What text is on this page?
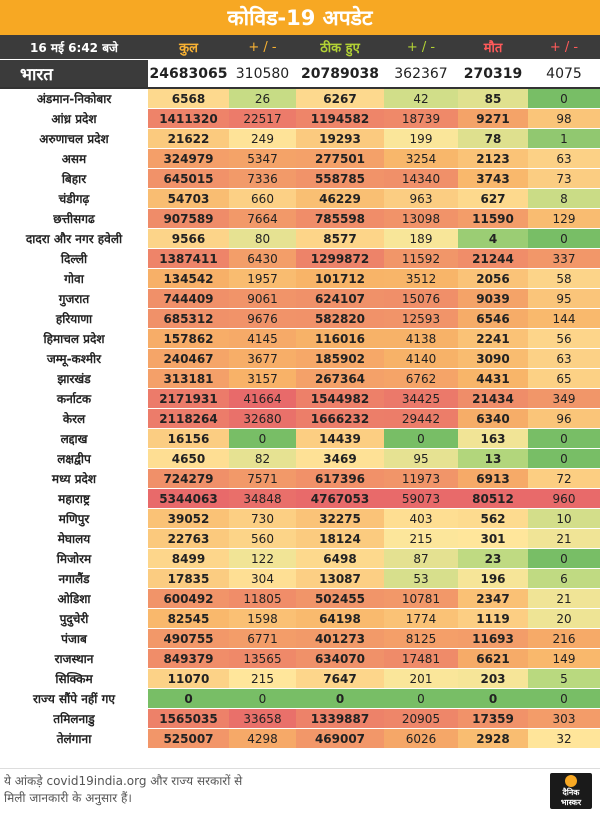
कोविड-19 अपडेट
16 मई 6:42 बजे	कुल	+ / -	ठीक हुए	+ / -	मौत	+ / -
भारत	24683065	310580	20789038	362367	270319	4075
अंडमान-निकोबार	6568	26	6267	42	85	0
आंध्र प्रदेश	1411320	22517	1194582	18739	9271	98
अरुणाचल प्रदेश	21622	249	19293	199	78	1
असम	324979	5347	277501	3254	2123	63
बिहार	645015	7336	558785	14340	3743	73
चंडीगढ़	54703	660	46229	963	627	8
छत्तीसगढ	907589	7664	785598	13098	11590	129
दादरा और नगर हवेली	9566	80	8577	189	4	0
दिल्ली	1387411	6430	1299872	11592	21244	337
गोवा	134542	1957	101712	3512	2056	58
गुजरात	744409	9061	624107	15076	9039	95
हरियाणा	685312	9676	582820	12593	6546	144
हिमाचल प्रदेश	157862	4145	116016	4138	2241	56
जम्मू-कश्मीर	240467	3677	185902	4140	3090	63
झारखंड	313181	3157	267364	6762	4431	65
कर्नाटक	2171931	41664	1544982	34425	21434	349
केरल	2118264	32680	1666232	29442	6340	96
लद्दाख	16156	0	14439	0	163	0
लक्षद्वीप	4650	82	3469	95	13	0
मध्य प्रदेश	724279	7571	617396	11973	6913	72
महाराष्ट्र	5344063	34848	4767053	59073	80512	960
मणिपुर	39052	730	32275	403	562	10
मेघालय	22763	560	18124	215	301	21
मिजोरम	8499	122	6498	87	23	0
नगालैंड	17835	304	13087	53	196	6
ओडिशा	600492	11805	502455	10781	2347	21
पुदुचेरी	82545	1598	64198	1774	1119	20
पंजाब	490755	6771	401273	8125	11693	216
राजस्थान	849379	13565	634070	17481	6621	149
सिक्किम	11070	215	7647	201	203	5
राज्य सौंपे नहीं गए	0	0	0	0	0	0
तमिलनाडु	1565035	33658	1339887	20905	17359	303
तेलंगाना	525007	4298	469007	6026	2928	32
ये आंकड़े covid19india.org और राज्य सरकारों से
मिली जानकारी के अनुसार हैं।	दैनिक
भास्कर
